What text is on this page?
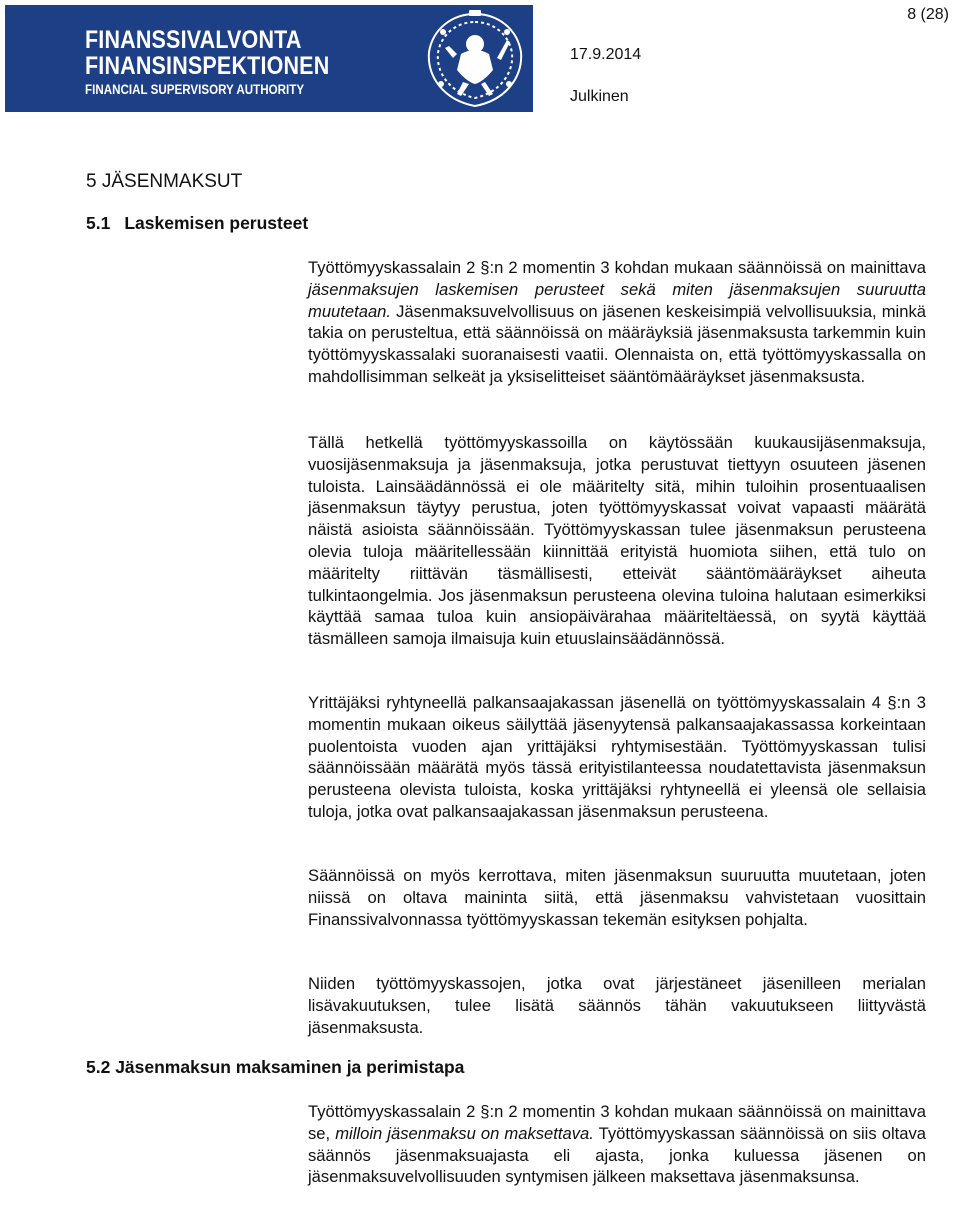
FINANSSIVALVONTA
FINANSINSPEKTIONEN
FINANCIAL SUPERVISORY AUTHORITY
8 (28)
17.9.2014
Julkinen
5 JÄSENMAKSUT
5.1 Laskemisen perusteet
Työttömyyskassalain 2 §:n 2 momentin 3 kohdan mukaan säännöissä on mainittava jäsenmaksujen laskemisen perusteet sekä miten jäsenmaksujen suuruutta muutetaan. Jäsenmaksuvelvollisuus on jäsenen keskeisimpiä velvollisuuksia, minkä takia on perusteltua, että säännöissä on määräyksiä jäsenmaksusta tarkemmin kuin työttömyyskassalaki suoranaisesti vaatii. Olennaista on, että työttömyyskassalla on mahdollisimman selkeät ja yksiselitteiset sääntömääräykset jäsenmaksusta.
Tällä hetkellä työttömyyskassoilla on käytössään kuukausijäsenmaksuja, vuosijäsenmaksuja ja jäsenmaksuja, jotka perustuvat tiettyyn osuuteen jäsenen tuloista. Lainsäädännössä ei ole määritelty sitä, mihin tuloihin prosentuaalisen jäsenmaksun täytyy perustua, joten työttömyyskassat voivat vapaasti määrätä näistä asioista säännöissään. Työttömyyskassan tulee jäsenmaksun perusteena olevia tuloja määritellessään kiinnittää erityistä huomiota siihen, että tulo on määritelty riittävän täsmällisesti, etteivät sääntömääräykset aiheuta tulkintaongelmia. Jos jäsenmaksun perusteena olevina tuloina halutaan esimerkiksi käyttää samaa tuloa kuin ansiopäivärahaa määriteltäessä, on syytä käyttää täsmälleen samoja ilmaisuja kuin etuuslainsäädännössä.
Yrittäjäksi ryhtyneellä palkansaajakassan jäsenellä on työttömyyskassalain 4 §:n 3 momentin mukaan oikeus säilyttää jäsenyytensä palkansaajakassassa korkeintaan puolentoista vuoden ajan yrittäjäksi ryhtymisestään. Työttömyyskassan tulisi säännöissään määrätä myös tässä erityistilanteessa noudatettavista jäsenmaksun perusteena olevista tuloista, koska yrittäjäksi ryhtyneellä ei yleensä ole sellaisia tuloja, jotka ovat palkansaajakassan jäsenmaksun perusteena.
Säännöissä on myös kerrottava, miten jäsenmaksun suuruutta muutetaan, joten niissä on oltava maininta siitä, että jäsenmaksu vahvistetaan vuosittain Finanssivalvonnassa työttömyyskassan tekemän esityksen pohjalta.
Niiden työttömyyskassojen, jotka ovat järjestäneet jäsenilleen merialan lisävakuutuksen, tulee lisätä säännös tähän vakuutukseen liittyvästä jäsenmaksusta.
5.2 Jäsenmaksun maksaminen ja perimistapa
Työttömyyskassalain 2 §:n 2 momentin 3 kohdan mukaan säännöissä on mainittava se, milloin jäsenmaksu on maksettava. Työttömyyskassan säännöissä on siis oltava säännös jäsenmaksuajasta eli ajasta, jonka kuluessa jäsenen on jäsenmaksuvelvollisuuden syntymisen jälkeen maksettava jäsenmaksunsa.
